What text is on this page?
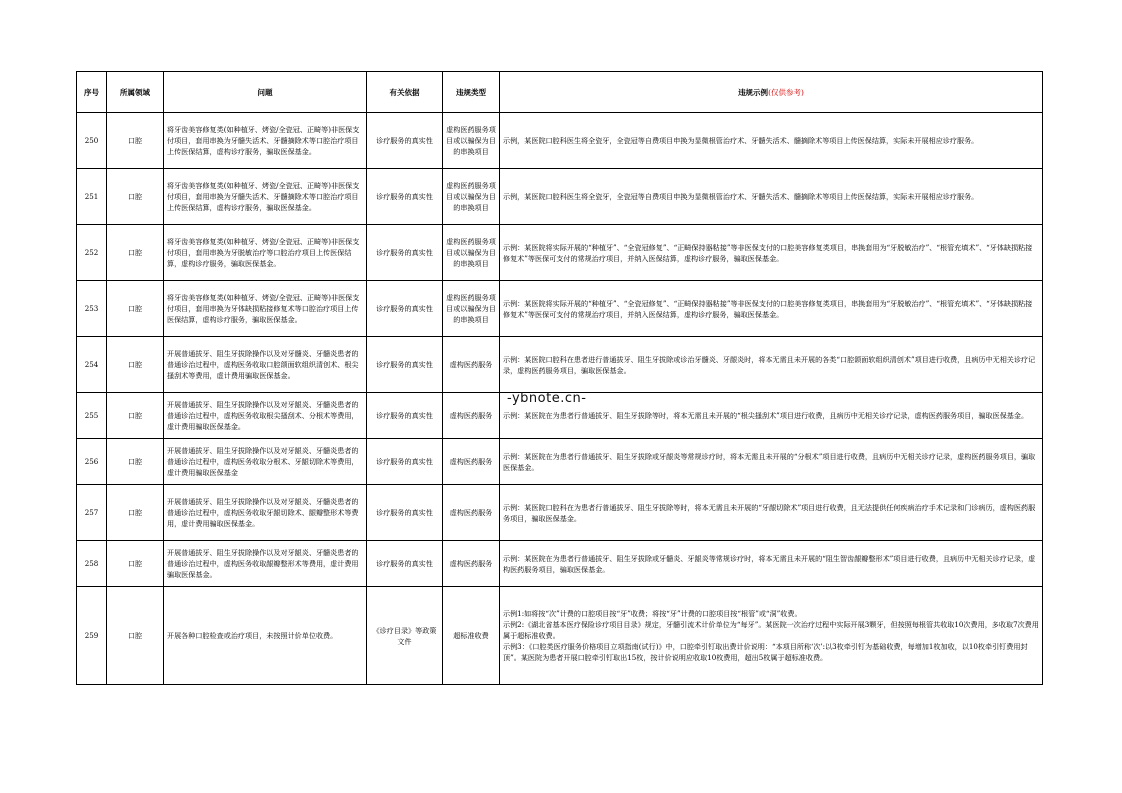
序号	所属领域	问题	有关依据	违规类型	违规示例(仅供参考)
250	口腔	将牙齿美容修复类(如种植牙、烤瓷/全瓷冠、正畸等)非医保支付项目，套用串换为牙髓失活术、牙髓摘除术等口腔治疗项目上传医保结算，虚构诊疗服务，骗取医保基金。	诊疗服务的真实性	虚构医药服务项目或以骗保为目的串换项目	示例，某医院口腔科医生将全瓷牙，全瓷冠等自费项目申换为显微根管治疗术、牙髓失活术、髓摘除术等项目上传医保结算，实际未开展相应诊疗服务。

251	口腔	将牙齿美容修复类(如种植牙、烤瓷/全瓷冠、正畸等)非医保支付项目，套用串换为牙髓失活术、牙髓摘除术等口腔治疗项目上传医保结算，虚构诊疗服务，骗取医保基金。	诊疗服务的真实性	虚构医药服务项目或以骗保为目的串换项目	示例，某医院口腔科医生将全瓷牙，全瓷冠等自费项目申换为显微根管治疗术、牙髓失活术、髓摘除术等项目上传医保结算，实际未开展相应诊疗服务。

252	口腔	将牙齿美容修复类(如种植牙、烤瓷/全瓷冠、正畸等)非医保支付项目，套用串换为牙脱敏治疗等口腔治疗项目上传医保结算，虚构诊疗服务，骗取医保基金。	诊疗服务的真实性	虚构医药服务项目或以骗保为目的串换项目	示例：某医院将实际开展的“种植牙”、“全瓷冠修复”、“正畸保持器粘接”等非医保支付的口腔美容修复类项目，串换套用为“牙脱敏治疗”、“根管充填术”、“牙体缺损粘接修复术”等医保可支付的常规治疗项目，并纳入医保结算，虚构诊疗服务，骗取医保基金。

253	口腔	将牙齿美容修复类(如种植牙、烤瓷/全瓷冠、正畸等)非医保支付项目，套用串换为牙体缺损粘接修复术等口腔治疗项目上传医保结算，虚构诊疗服务，骗取医保基金。	诊疗服务的真实性	虚构医药服务项目或以骗保为目的串换项目	示例：某医院将实际开展的“种植牙”、“全瓷冠修复”、“正畸保持器粘接”等非医保支付的口腔美容修复类项目，串换套用为“牙脱敏治疗”、“根管充填术”、“牙体缺损粘接修复术”等医保可支付的常规治疗项目，并纳入医保结算，虚构诊疗服务，骗取医保基金。

254	口腔	开展普通拔牙、阻生牙拔除操作以及对牙髓炎、牙髓炎患者的普通诊治过程中，虚构医务收取口腔颌面软组织清创术、根尖搔刮术等费用，虚计费用骗取医保基金。	诊疗服务的真实性	虚构医药服务	示例：某医院口腔科在患者进行普通拔牙、阻生牙拔除或诊治牙髓炎、牙龈炎时，将本无需且未开展的各类“口腔颌面软组织清创术”项目进行收费，且病历中无相关诊疗记录，虚构医药服务项目，骗取医保基金。

255	口腔	开展普通拔牙、阻生牙拔除操作以及对牙龈炎、牙髓炎患者的普通诊治过程中，虚构医务收取根尖搔刮术、分根术等费用，虚计费用骗取医保基金。	诊疗服务的真实性	虚构医药服务	示例：某医院在为患者行普通拔牙、阻生牙拔除等时，将本无需且未开展的“根尖搔刮术”项目进行收费，且病历中无相关诊疗记录，虚构医药服务项目，骗取医保基金。

256	口腔	开展普通拔牙、阻生牙拔除操作以及对牙龈炎、牙髓炎患者的普通诊治过程中，虚构医务收取分根术、牙龈切除术等费用，虚计费用骗取医保基金	诊疗服务的真实性	虚构医药服务	示例：某医院在为患者行普通拔牙、阻生牙拔除或牙龈炎等常规诊疗时，将本无需且未开展的“分根术”项目进行收费，且病历中无相关诊疗记录，虚构医药服务项目，骗取医保基金。

257	口腔	开展普通拔牙、阻生牙拔除操作以及对牙龈炎、牙髓炎患者的普通诊治过程中，虚构医务收取牙龈切除术、龈瓣整形术等费用，虚计费用骗取医保基金。	诊疗服务的真实性	虚构医药服务	示例：某医院口腔科在为患者行普通拔牙、阻生牙拔除等时，将本无需且未开展的“牙龈切除术”项目进行收费，且无法提供任何疾病治疗手术记录和门诊病历，虚构医药服务项目，骗取医保基金。

258	口腔	开展普通拔牙、阻生牙拔除操作以及对牙龈炎、牙髓炎患者的普通诊治过程中，虚构医务收取龈瓣整形术等费用，虚计费用骗取医保基金。	诊疗服务的真实性	虚构医药服务	示例：某医院在为患者行普通拔牙、阻生牙拔除或牙髓炎、牙龈炎等常规诊疗时，将本无需且未开展的“阻生智齿龈瓣整形术”项目进行收费，且病历中无相关诊疗记录，虚构医药服务项目，骗取医保基金。

259	口腔	开展各种口腔检查或治疗项目，未按照计价单位收费。	《诊疗目录》等政策文件	超标准收费	示例1:如将按“次”计费的口腔项目按“牙”收费；将按“牙”计费的口腔项目按“根管”或“洞”收费。
示例2:《湖北省基本医疗保险诊疗项目目录》规定，牙髓引流术计价单位为“每牙”。某医院一次治疗过程中实际开展3颗牙，但按照每根管共收取10次费用，多收取7次费用属于超标准收费。
示例3：《口腔类医疗服务价格项目立项指南(试行)》中，口腔牵引钉取出费计价说明：“本项目所称‘次’:以3枚牵引钉为基础收费，每增加1枚加收，以10枚牵引钉费用封顶”。某医院为患者开展口腔牵引钉取出15枚，按计价说明应收取10枚费用，超出5枚属于超标准收费。
-ybnote.cn-
